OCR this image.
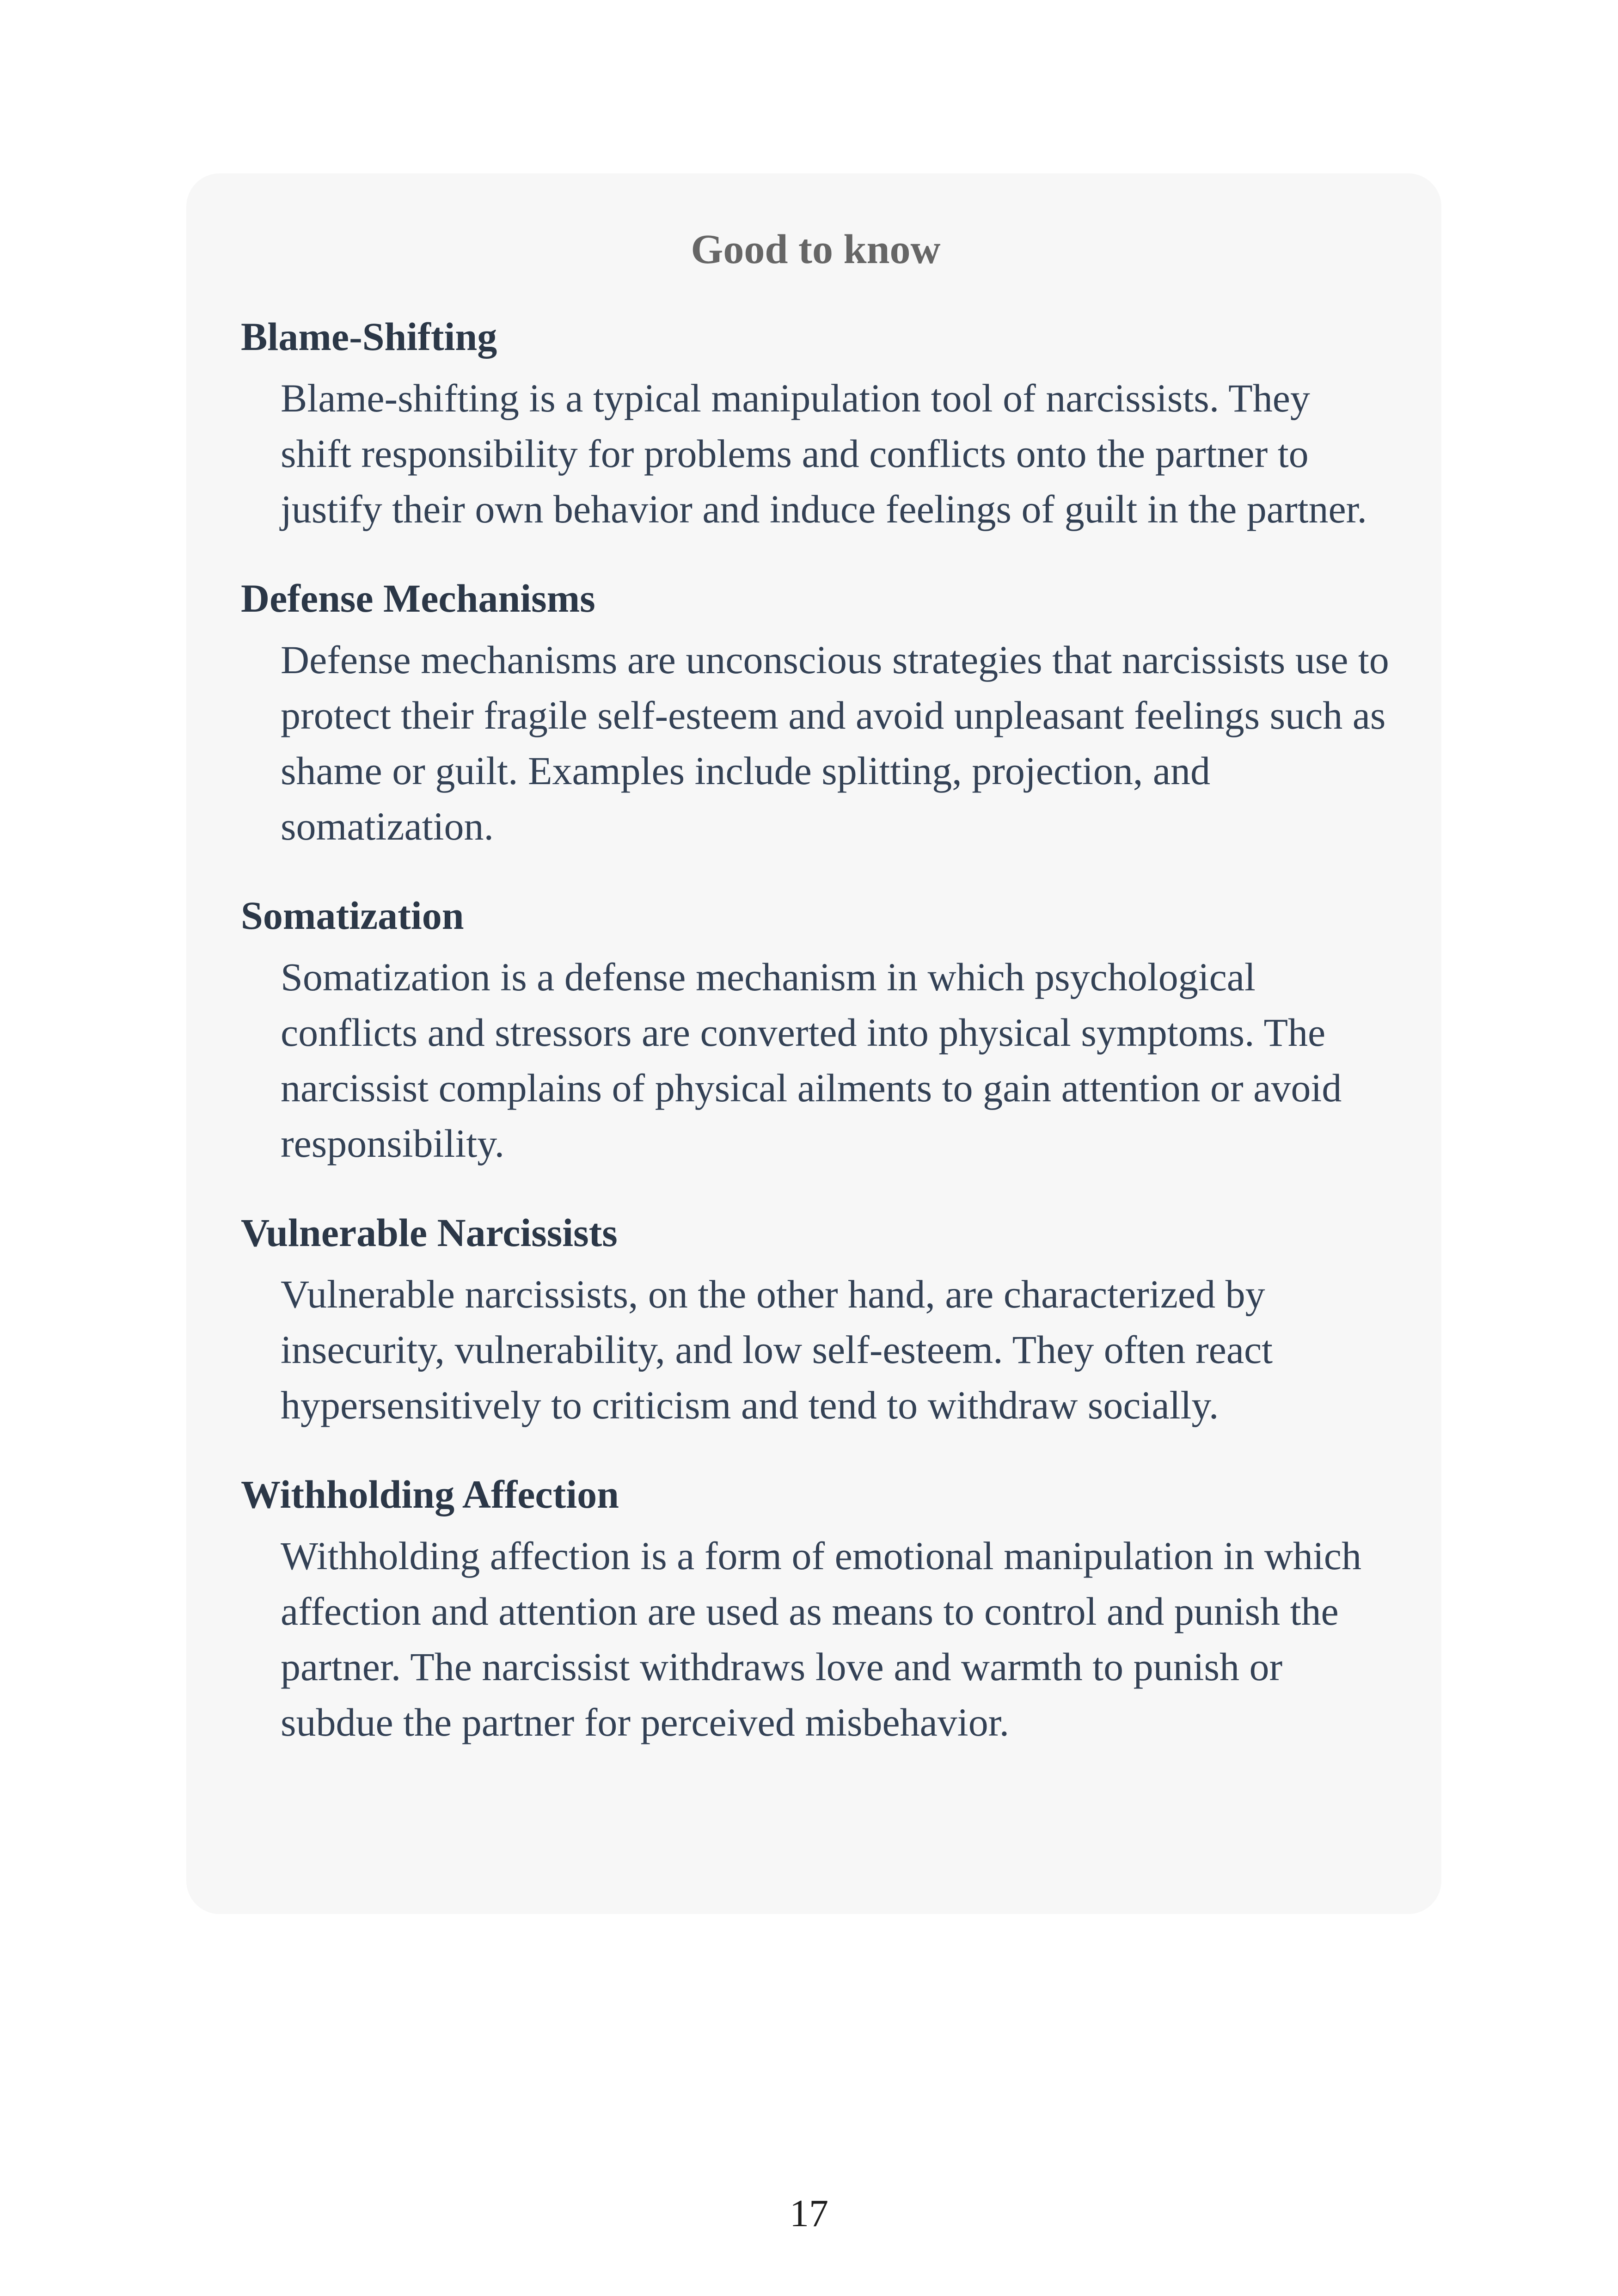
Good to know
Blame-Shifting
Blame-shifting is a typical manipulation tool of narcissists. They shift responsibility for problems and conflicts onto the partner to justify their own behavior and induce feelings of guilt in the partner.
Defense Mechanisms
Defense mechanisms are unconscious strategies that narcissists use to protect their fragile self-esteem and avoid unpleasant feelings such as shame or guilt. Examples include splitting, projection, and somatization.
Somatization
Somatization is a defense mechanism in which psychological conflicts and stressors are converted into physical symptoms. The narcissist complains of physical ailments to gain attention or avoid responsibility.
Vulnerable Narcissists
Vulnerable narcissists, on the other hand, are characterized by insecurity, vulnerability, and low self-esteem. They often react hypersensitively to criticism and tend to withdraw socially.
Withholding Affection
Withholding affection is a form of emotional manipulation in which affection and attention are used as means to control and punish the partner. The narcissist withdraws love and warmth to punish or subdue the partner for perceived misbehavior.
17
